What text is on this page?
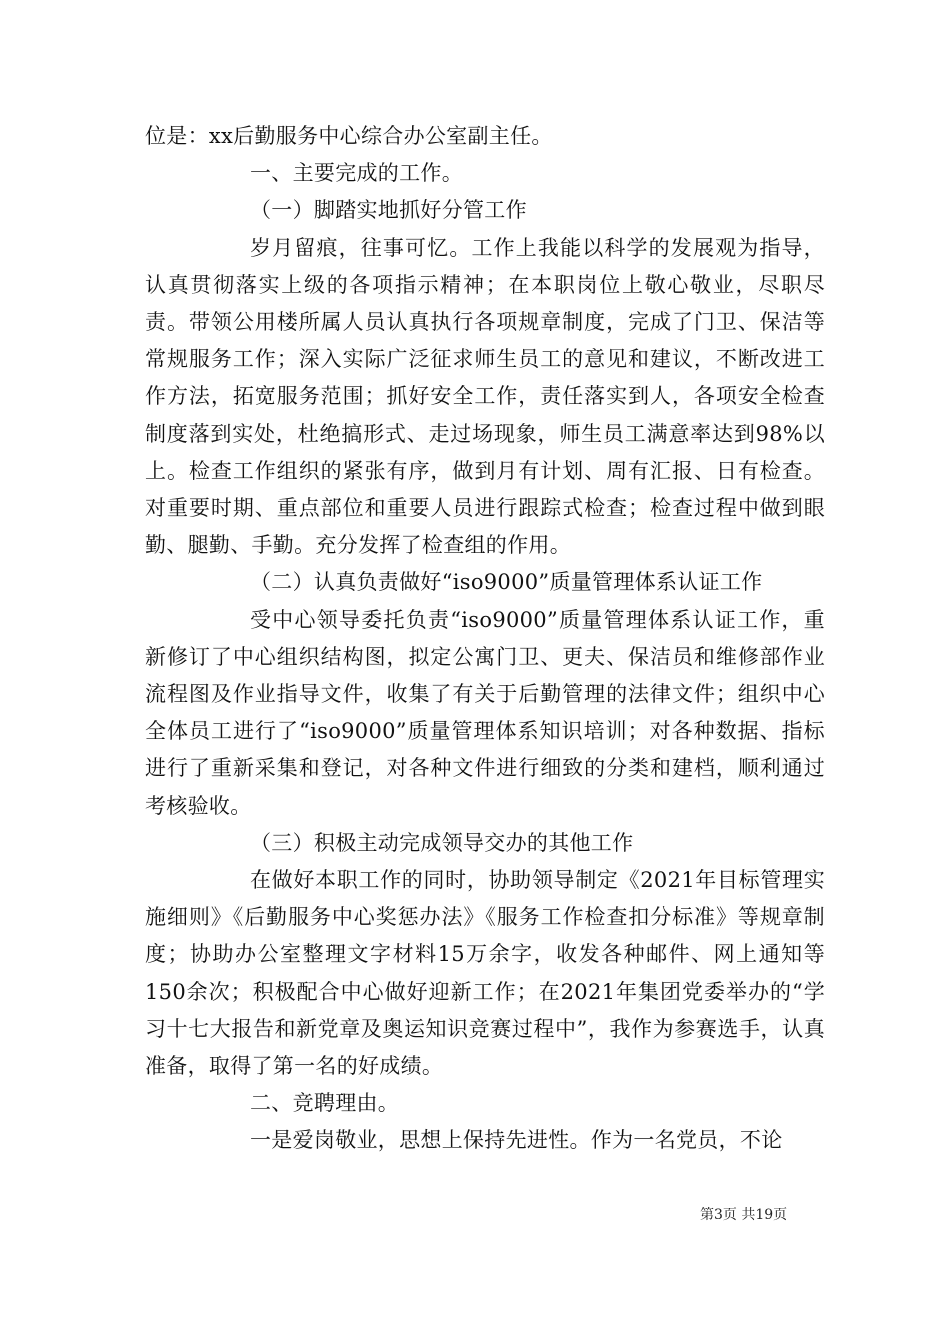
位是：xx后勤服务中心综合办公室副主任。

一、主要完成的工作。

（一）脚踏实地抓好分管工作

岁月留痕，往事可忆。工作上我能以科学的发展观为指导，认真贯彻落实上级的各项指示精神；在本职岗位上敬心敬业，尽职尽责。带领公用楼所属人员认真执行各项规章制度，完成了门卫、保洁等常规服务工作；深入实际广泛征求师生员工的意见和建议，不断改进工作方法，拓宽服务范围；抓好安全工作，责任落实到人，各项安全检查制度落到实处，杜绝搞形式、走过场现象，师生员工满意率达到98%以上。检查工作组织的紧张有序，做到月有计划、周有汇报、日有检查。对重要时期、重点部位和重要人员进行跟踪式检查；检查过程中做到眼勤、腿勤、手勤。充分发挥了检查组的作用。

（二）认真负责做好“iso9000”质量管理体系认证工作

受中心领导委托负责“iso9000”质量管理体系认证工作，重新修订了中心组织结构图，拟定公寓门卫、更夫、保洁员和维修部作业流程图及作业指导文件，收集了有关于后勤管理的法律文件；组织中心全体员工进行了“iso9000”质量管理体系知识培训；对各种数据、指标进行了重新采集和登记，对各种文件进行细致的分类和建档，顺利通过考核验收。

（三）积极主动完成领导交办的其他工作

在做好本职工作的同时，协助领导制定《2021年目标管理实施细则》《后勤服务中心奖惩办法》《服务工作检查扣分标准》等规章制度；协助办公室整理文字材料15万余字，收发各种邮件、网上通知等150余次；积极配合中心做好迎新工作；在2021年集团党委举办的“学习十七大报告和新党章及奥运知识竞赛过程中”，我作为参赛选手，认真准备，取得了第一名的好成绩。

二、竞聘理由。

一是爱岗敬业，思想上保持先进性。作为一名党员，不论

第3页 共19页
